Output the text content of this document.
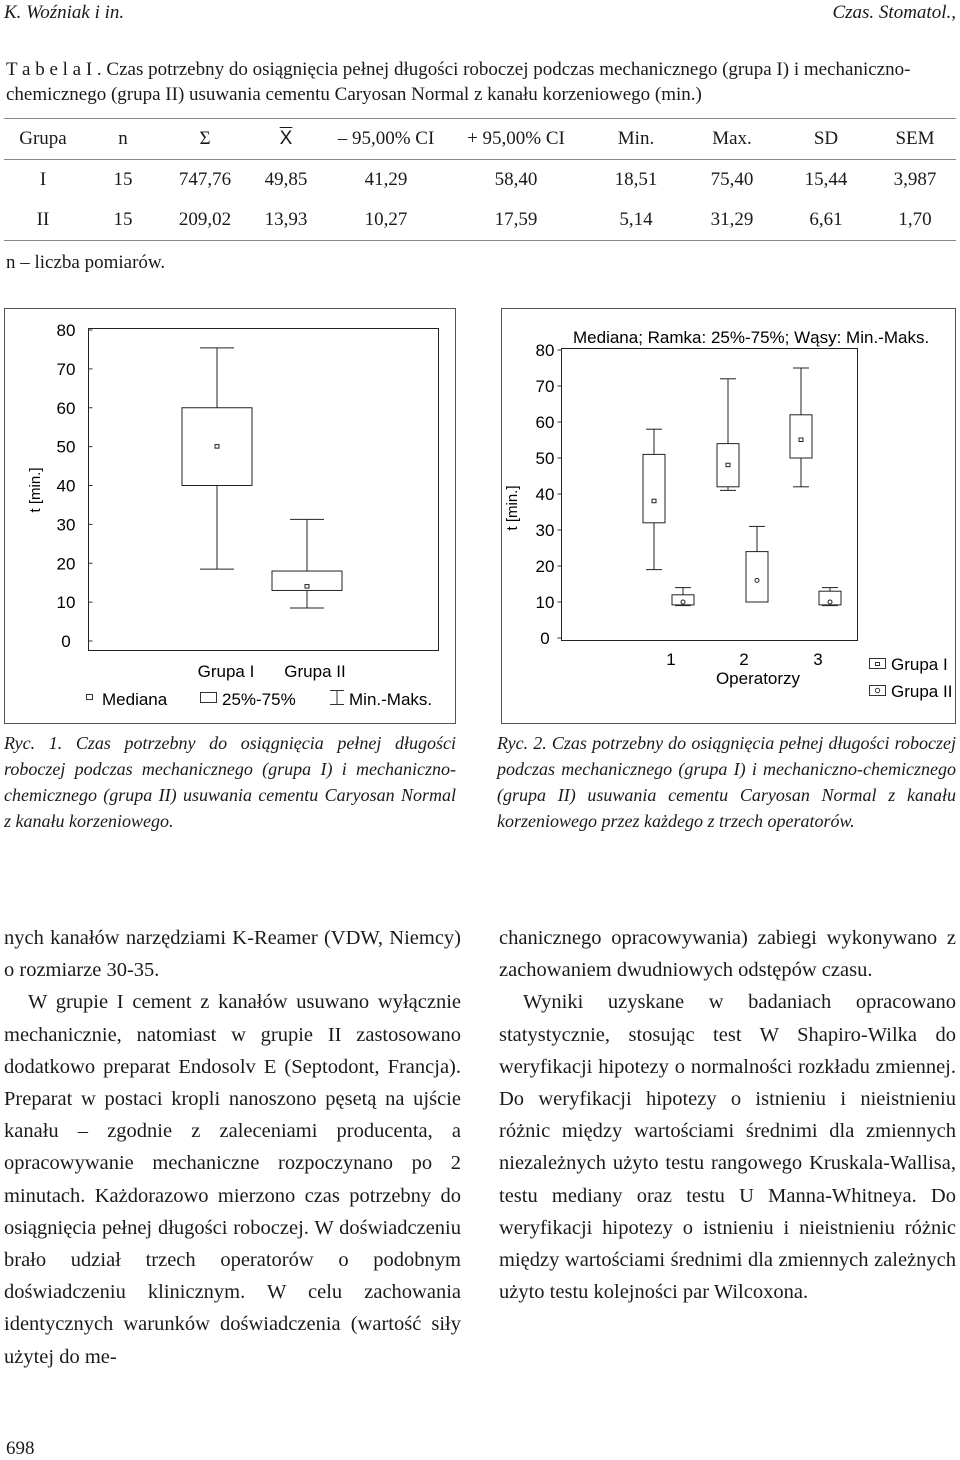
K. Woźniak i in.	Czas. Stomatol.,
T a b e l a I . Czas potrzebny do osiągnięcia pełnej długości roboczej podczas mechanicznego (grupa I) i mechaniczno-chemicznego (grupa II) usuwania cementu Caryosan Normal z kanału korzeniowego (min.)
Grupa	n	Σ	$\overline{X}$	– 95,00% CI	+ 95,00% CI	Min.	Max.	SD	SEM
I	15	747,76	49,85	41,29	58,40	18,51	75,40	15,44	3,987
II	15	209,02	13,93	10,27	17,59	5,14	31,29	6,61	1,70
n – liczba pomiarów.
t [min.]
0
10
20
30
40
50
60
70
80
Grupa I Grupa II
Mediana	25%-75%	Min.-Maks.
Ryc. 1. Czas potrzebny do osiągnięcia pełnej długości roboczej podczas mechanicznego (grupa I) i mechaniczno-chemicznego (grupa II) usuwania cementu Caryosan Normal z kanału korzeniowego.
Mediana; Ramka: 25%-75%; Wąsy: Min.-Maks.
t [min.]
0
10
20
30
40
50
60
70
80
1	2	3
Operatorzy
Grupa I
Grupa II
Ryc. 2. Czas potrzebny do osiągnięcia pełnej długości roboczej podczas mechanicznego (grupa I) i mechaniczno-chemicznego (grupa II) usuwania cementu Caryosan Normal z kanału korzeniowego przez każdego z trzech operatorów.

nych kanałów narzędziami K-Reamer (VDW, Niemcy) o rozmiarze 30-35.

W grupie I cement z kanałów usuwano wyłącznie mechanicznie, natomiast w grupie II zastosowano dodatkowo preparat Endosolv E (Septodont, Francja). Preparat w postaci kropli nanoszono pęsetą na ujście kanału – zgodnie z zaleceniami producenta, a opracowywanie mechaniczne rozpoczynano po 2 minutach. Każdorazowo mierzono czas potrzebny do osiągnięcia pełnej długości roboczej. W doświadczeniu brało udział trzech operatorów o podobnym doświadczeniu klinicznym. W celu zachowania identycznych warunków doświadczenia (wartość siły użytej do me-

chanicznego opracowywania) zabiegi wykonywano z zachowaniem dwudniowych odstępów czasu.

Wyniki uzyskane w badaniach opracowano statystycznie, stosując test W Shapiro-Wilka do weryfikacji hipotezy o normalności rozkładu zmiennej. Do weryfikacji hipotezy o istnieniu i nieistnieniu różnic między wartościami średnimi dla zmiennych niezależnych użyto testu rangowego Kruskala-Wallisa, testu mediany oraz testu U Manna-Whitneya. Do weryfikacji hipotezy o istnieniu i nieistnieniu różnic między wartościami średnimi dla zmiennych zależnych użyto testu kolejności par Wilcoxona.

698
